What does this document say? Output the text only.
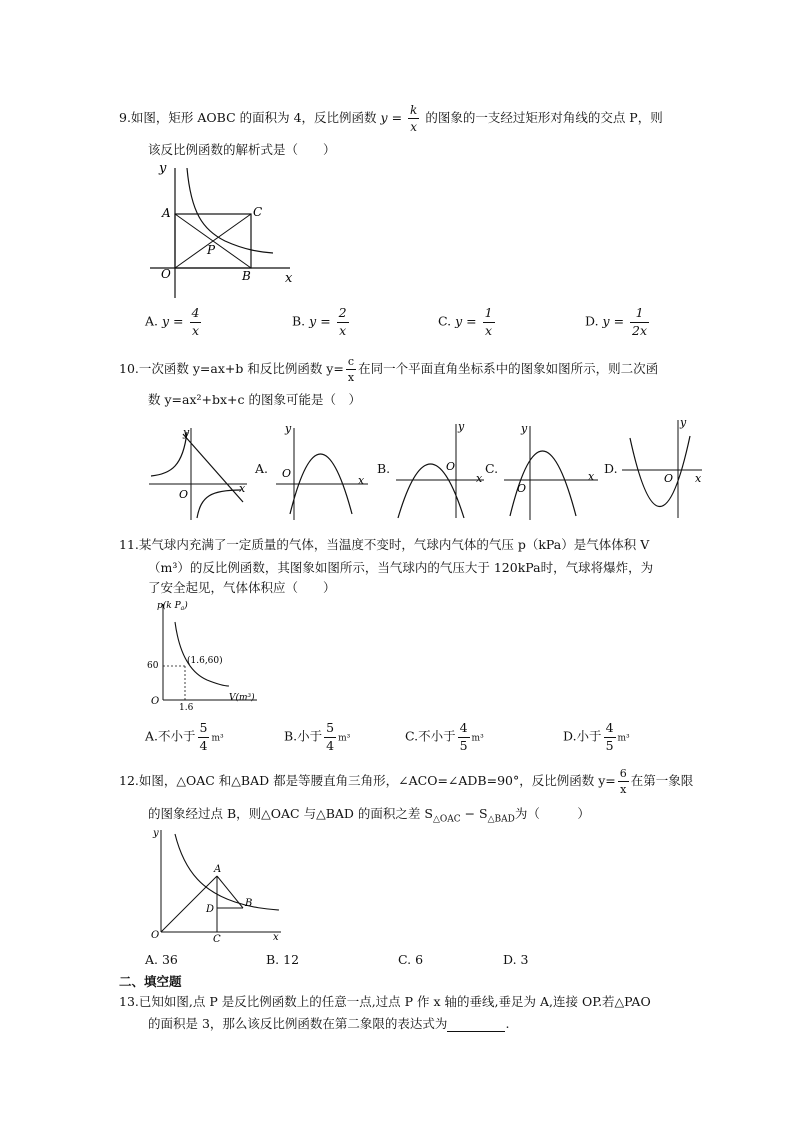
9.如图，矩形 AOBC 的面积为 4，反比例函数 $y = \frac{k}{x}$ 的图象的一支经过矩形对角线的交点 P，则
该反比例函数的解析式是（　　）
y
A	C
P
O	B	x
A. $y = \frac{4}{x}$	B. $y = \frac{2}{x}$	C. $y = \frac{1}{x}$	D. $y = \frac{1}{2x}$
10.一次函数 y=ax+b 和反比例函数 $y= \frac{c}{x}$ 在同一个平面直角坐标系中的图象如图所示，则二次函
数 y=ax²+bx+c 的图象可能是（　）
y
O	x
A.
y
O
x
B.
y
O
x
C.
y
O
x
D.
y
O x
11.某气球内充满了一定质量的气体，当温度不变时，气球内气体的气压 p（kPa）是气体体积 V
（m³）的反比例函数，其图象如图所示，当气球内的气压大于 120kPa时，气球将爆炸，为
了安全起见，气体体积应（　　）
p(k $P_a$)
60	(1.6,60)
O
1.6
V(m³)
A.不小于 $\frac{5}{4} m^3$	B.小于 $\frac{5}{4} m^3$	C.不小于 $\frac{4}{5} m^3$	D.小于 $\frac{4}{5} m^3$
12.如图，△OAC 和△BAD 都是等腰直角三角形，∠ACO=∠ADB=90°，反比例函数 $y= \frac{6}{x}$ 在第一象限
的图象经过点 B，则△OAC 与△BAD 的面积之差 $S_{\triangle OAC} - S_{\triangle BAD}$为（　　　）
y
A
B
D
O	C	x
A. 36	B. 12	C. 6	D. 3
二、填空题
13.已知如图,点 P 是反比例函数上的任意一点,过点 P 作 x 轴的垂线,垂足为 A,连接 OP.若△PAO
的面积是 3，那么该反比例函数在第二象限的表达式为	.
